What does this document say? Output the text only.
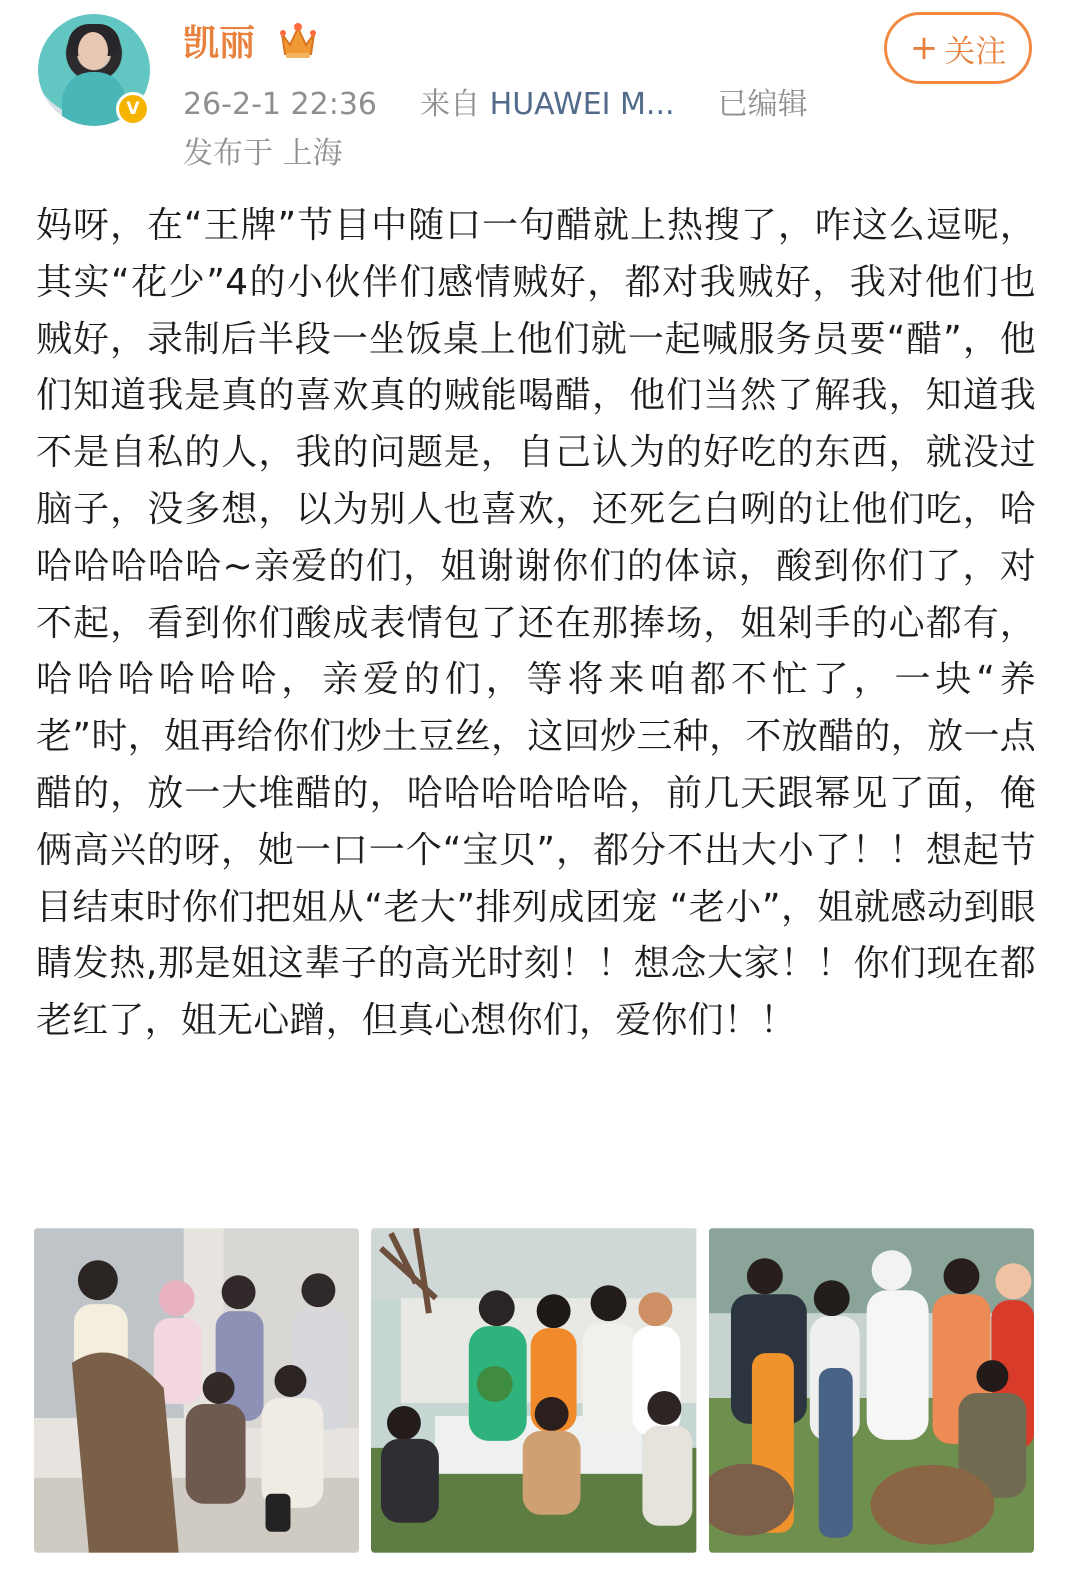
V
凯丽
26-2-1 22:36 来自 HUAWEI M... 已编辑
发布于 上海
+ 关注

妈呀，在“王牌”节目中随口一句醋就上热搜了，咋这么逗呢，其实“花少”4的小伙伴们感情贼好，都对我贼好，我对他们也贼好，录制后半段一坐饭桌上他们就一起喊服务员要“醋”，他们知道我是真的喜欢真的贼能喝醋，他们当然了解我，知道我不是自私的人，我的问题是，自己认为的好吃的东西，就没过脑子，没多想，以为别人也喜欢，还死乞白咧的让他们吃，哈哈哈哈哈哈~亲爱的们，姐谢谢你们的体谅，酸到你们了，对不起，看到你们酸成表情包了还在那捧场，姐剁手的心都有，哈哈哈哈哈哈，亲爱的们，等将来咱都不忙了，一块“养老”时，姐再给你们炒土豆丝，这回炒三种，不放醋的，放一点醋的，放一大堆醋的，哈哈哈哈哈哈，前几天跟幂见了面，俺俩高兴的呀，她一口一个“宝贝”，都分不出大小了！！想起节目结束时你们把姐从“老大”排列成团宠 “老小”，姐就感动到眼睛发热,那是姐这辈子的高光时刻！！想念大家！！你们现在都老红了，姐无心蹭，但真心想你们，爱你们！！
